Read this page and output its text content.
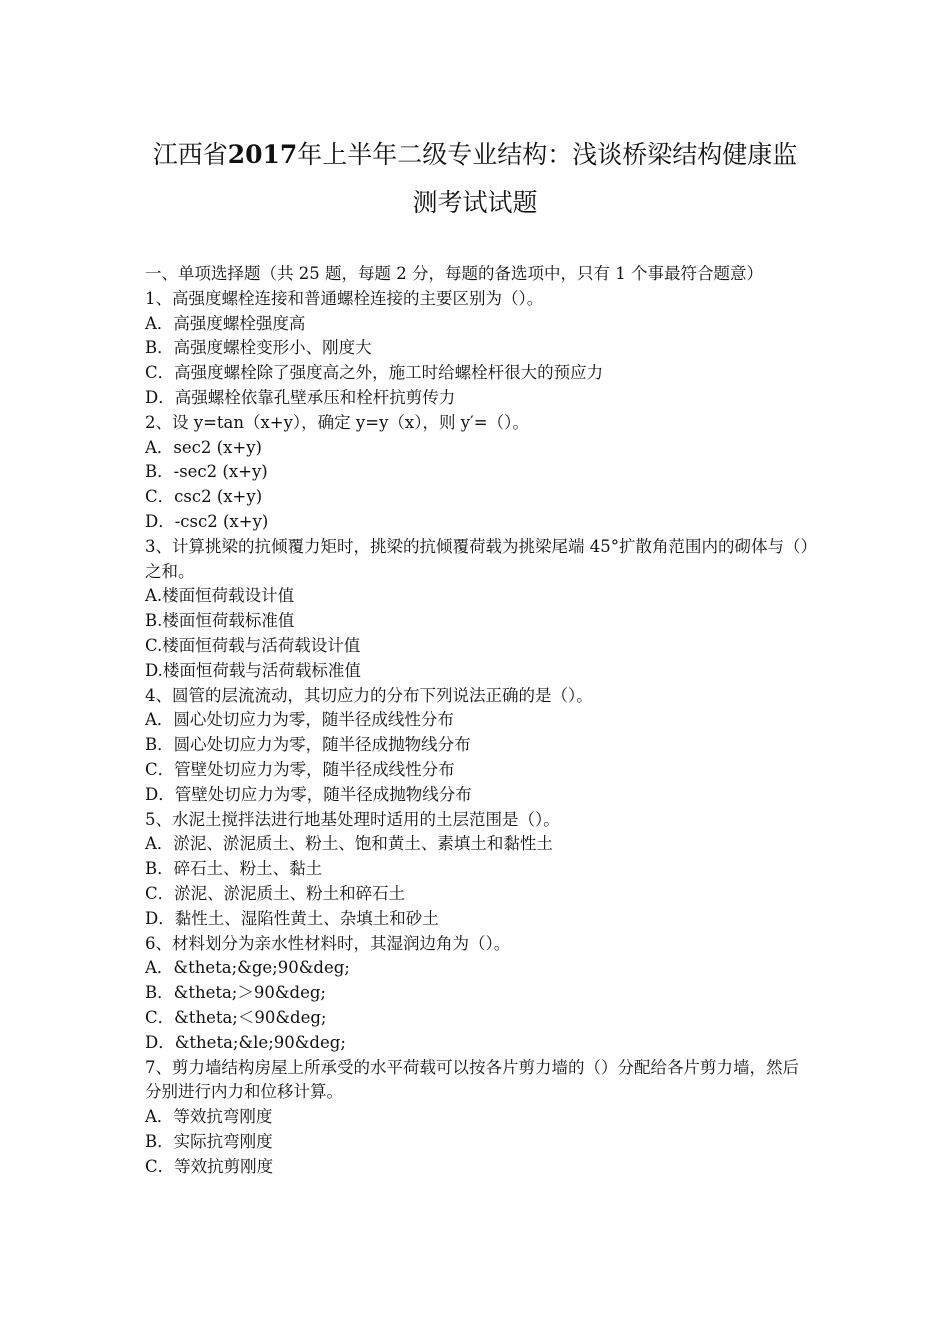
江西省2017年上半年二级专业结构：浅谈桥梁结构健康监
测考试试题
一、单项选择题（共 25 题，每题 2 分，每题的备选项中，只有 1 个事最符合题意）
1、高强度螺栓连接和普通螺栓连接的主要区别为（）。
A．高强度螺栓强度高
B．高强度螺栓变形小、刚度大
C．高强度螺栓除了强度高之外，施工时给螺栓杆很大的预应力
D．高强螺栓依靠孔壁承压和栓杆抗剪传力
2、设 y=tan（x+y），确定 y=y（x），则 y′=（）。
A．sec2 (x+y)
B．-sec2 (x+y)
C．csc2 (x+y)
D．-csc2 (x+y)
3、计算挑梁的抗倾覆力矩时，挑梁的抗倾覆荷载为挑梁尾端 45°扩散角范围内的砌体与（）之和。
A.楼面恒荷载设计值
B.楼面恒荷载标准值
C.楼面恒荷载与活荷载设计值
D.楼面恒荷载与活荷载标准值
4、圆管的层流流动，其切应力的分布下列说法正确的是（）。
A．圆心处切应力为零，随半径成线性分布
B．圆心处切应力为零，随半径成抛物线分布
C．管壁处切应力为零，随半径成线性分布
D．管壁处切应力为零，随半径成抛物线分布
5、水泥土搅拌法进行地基处理时适用的土层范围是（）。
A．淤泥、淤泥质土、粉土、饱和黄土、素填土和黏性土
B．碎石土、粉土、黏土
C．淤泥、淤泥质土、粉土和碎石土
D．黏性土、湿陷性黄土、杂填土和砂土
6、材料划分为亲水性材料时，其湿润边角为（）。
A．&theta;&ge;90&deg;
B．&theta;＞90&deg;
C．&theta;＜90&deg;
D．&theta;&le;90&deg;
7、剪力墙结构房屋上所承受的水平荷载可以按各片剪力墙的（）分配给各片剪力墙，然后分别进行内力和位移计算。
A．等效抗弯刚度
B．实际抗弯刚度
C．等效抗剪刚度
